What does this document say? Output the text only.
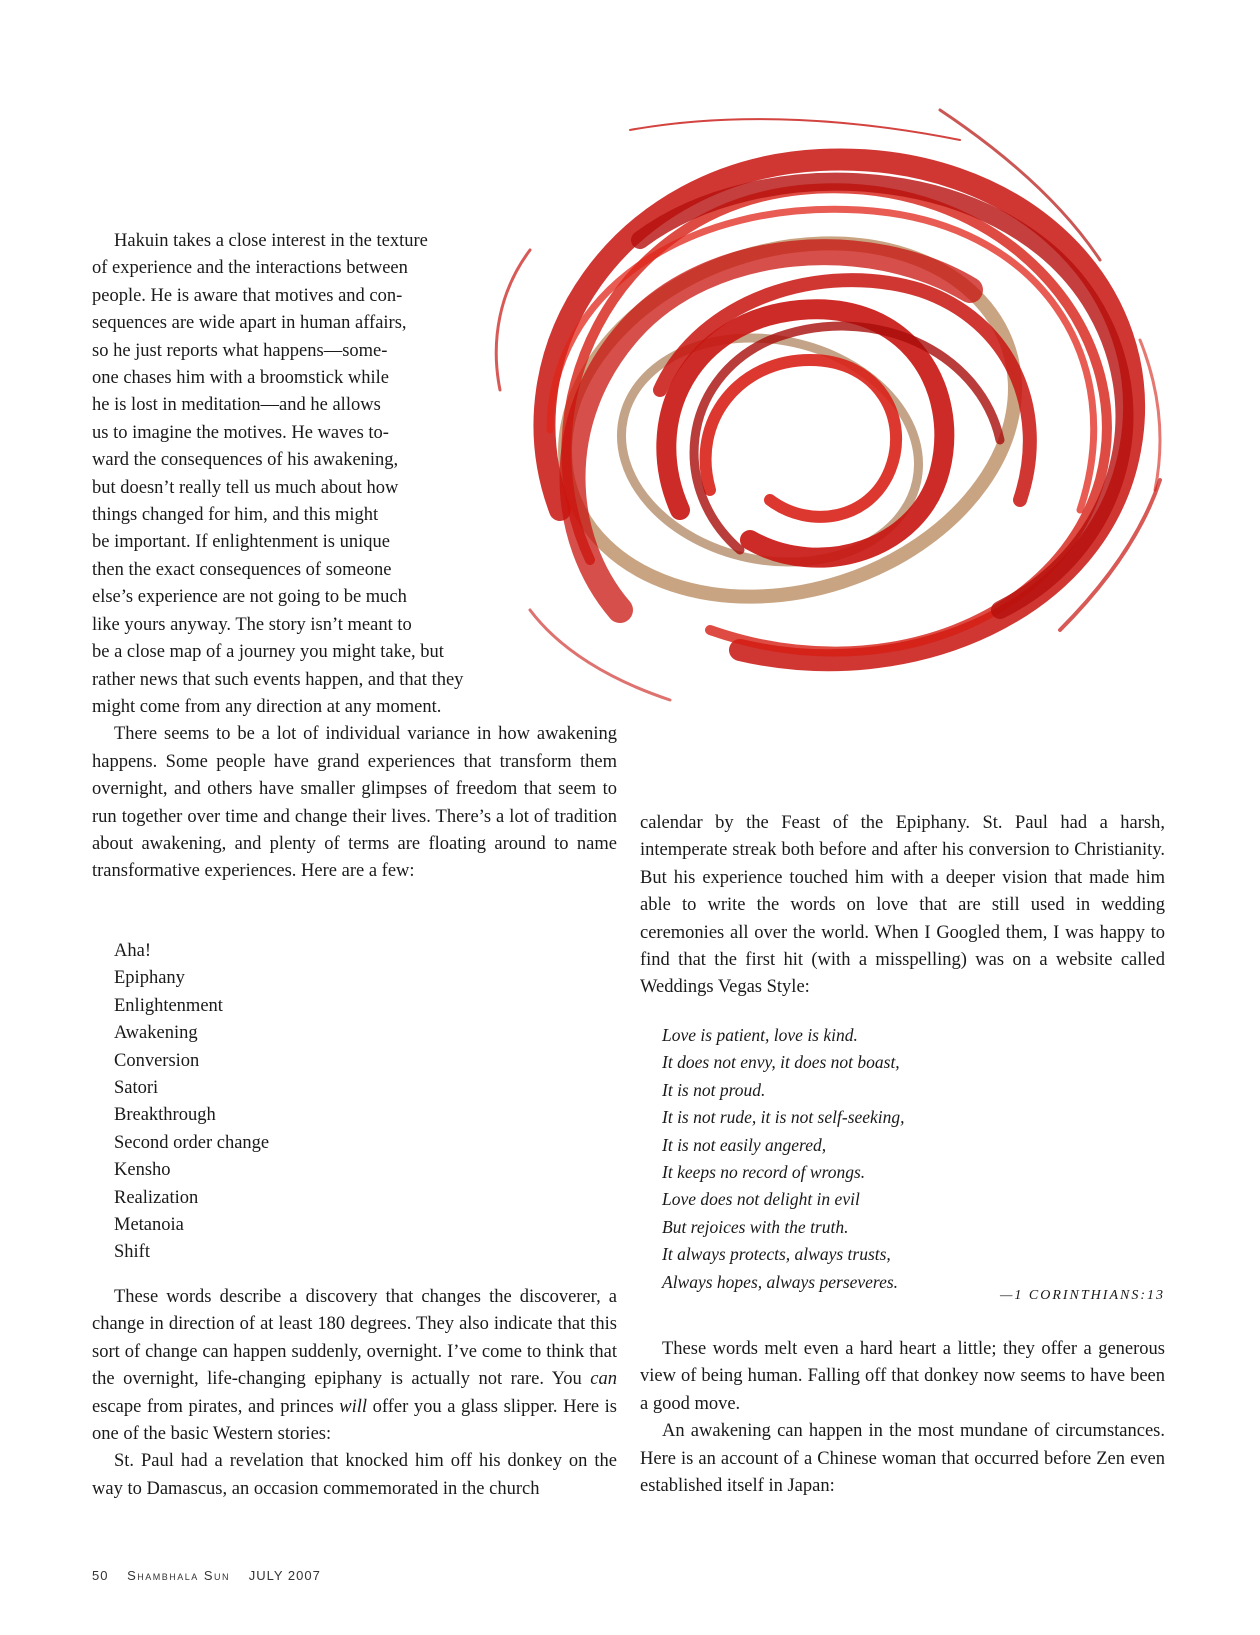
Hakuin takes a close interest in the texture
of experience and the interactions between
people. He is aware that motives and con-
sequences are wide apart in human affairs,
so he just reports what happens—some-
one chases him with a broomstick while
he is lost in meditation—and he allows
us to imagine the motives. He waves to-
ward the consequences of his awakening,
but doesn’t really tell us much about how
things changed for him, and this might
be important. If enlightenment is unique
then the exact consequences of someone
else’s experience are not going to be much
like yours anyway. The story isn’t meant to
be a close map of a journey you might take, but
rather news that such events happen, and that they
might come from any direction at any moment.

There seems to be a lot of individual variance in how awakening happens. Some people have grand experiences that transform them overnight, and others have smaller glimpses of freedom that seem to run together over time and change their lives. There’s a lot of tradition about awakening, and plenty of terms are floating around to name transformative experiences. Here are a few:

Aha!
Epiphany
Enlightenment
Awakening
Conversion
Satori
Breakthrough
Second order change
Kensho
Realization
Metanoia
Shift

These words describe a discovery that changes the discoverer, a change in direction of at least 180 degrees. They also indicate that this sort of change can happen suddenly, overnight. I’ve come to think that the overnight, life-changing epiphany is actually not rare. You can escape from pirates, and princes will offer you a glass slipper. Here is one of the basic Western stories:

St. Paul had a revelation that knocked him off his donkey on the way to Damascus, an occasion commemorated in the church

calendar by the Feast of the Epiphany. St. Paul had a harsh, intemperate streak both before and after his conversion to Christianity. But his experience touched him with a deeper vision that made him able to write the words on love that are still used in wedding ceremonies all over the world. When I Googled them, I was happy to find that the first hit (with a misspelling) was on a website called Weddings Vegas Style:

Love is patient, love is kind.
It does not envy, it does not boast,
It is not proud.
It is not rude, it is not self-seeking,
It is not easily angered,
It keeps no record of wrongs.
Love does not delight in evil
But rejoices with the truth.
It always protects, always trusts,
Always hopes, always perseveres.
—1 CORINTHIANS:13

These words melt even a hard heart a little; they offer a generous view of being human. Falling off that donkey now seems to have been a good move.

An awakening can happen in the most mundane of circumstances. Here is an account of a Chinese woman that occurred before Zen even established itself in Japan:

50 Shambhala Sun JULY 2007
